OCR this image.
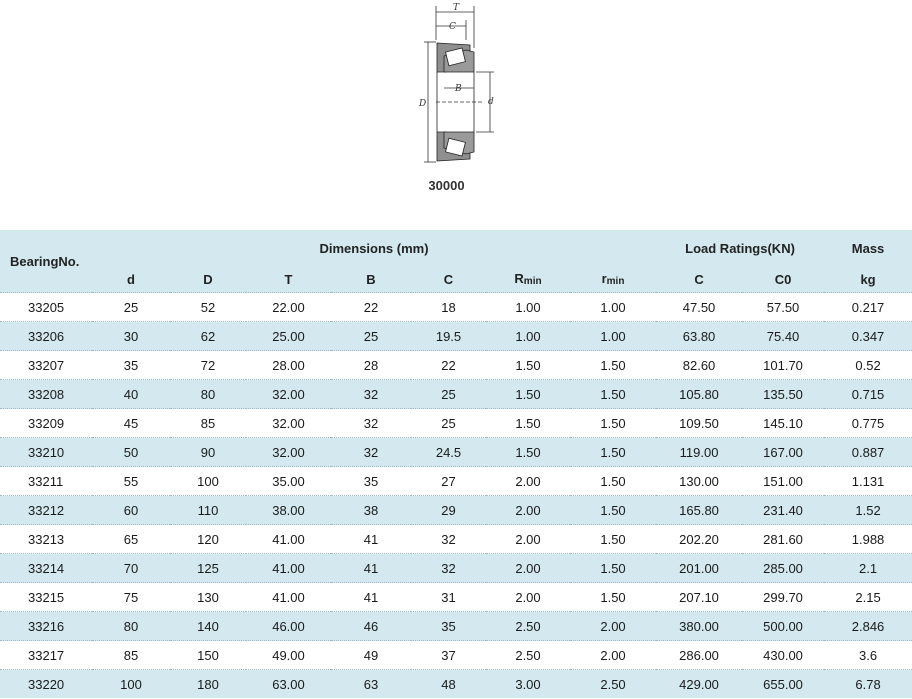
T
C
B
D	d
30000
BearingNo.	Dimensions (mm)							Load Ratings(KN)		Mass
	d	D	T	B	C	$R_{min}$	$r_{min}$	C	C0	kg
33205	25	52	22.00	22	18	1.00	1.00	47.50	57.50	0.217
33206	30	62	25.00	25	19.5	1.00	1.00	63.80	75.40	0.347
33207	35	72	28.00	28	22	1.50	1.50	82.60	101.70	0.52
33208	40	80	32.00	32	25	1.50	1.50	105.80	135.50	0.715
33209	45	85	32.00	32	25	1.50	1.50	109.50	145.10	0.775
33210	50	90	32.00	32	24.5	1.50	1.50	119.00	167.00	0.887
33211	55	100	35.00	35	27	2.00	1.50	130.00	151.00	1.131
33212	60	110	38.00	38	29	2.00	1.50	165.80	231.40	1.52
33213	65	120	41.00	41	32	2.00	1.50	202.20	281.60	1.988
33214	70	125	41.00	41	32	2.00	1.50	201.00	285.00	2.1
33215	75	130	41.00	41	31	2.00	1.50	207.10	299.70	2.15
33216	80	140	46.00	46	35	2.50	2.00	380.00	500.00	2.846
33217	85	150	49.00	49	37	2.50	2.00	286.00	430.00	3.6
33220	100	180	63.00	63	48	3.00	2.50	429.00	655.00	6.78
